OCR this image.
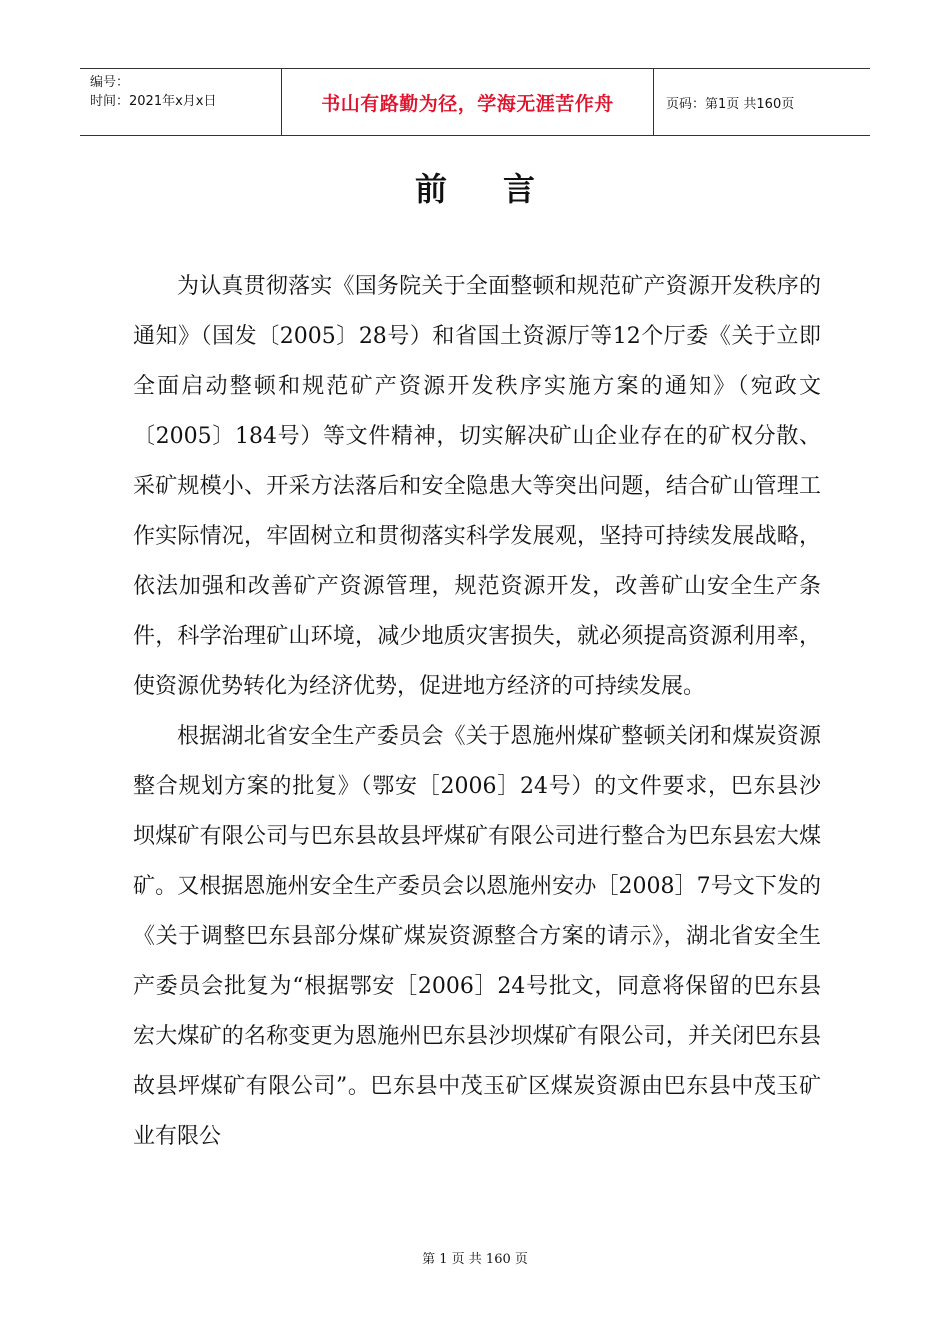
编号：
时间：2021年x月x日	书山有路勤为径，学海无涯苦作舟	页码：第1页 共160页
前言

为认真贯彻落实《国务院关于全面整顿和规范矿产资源开发秩序的通知》（国发〔2005〕28号）和省国土资源厅等12个厅委《关于立即全面启动整顿和规范矿产资源开发秩序实施方案的通知》（宛政文〔2005〕184号）等文件精神，切实解决矿山企业存在的矿权分散、采矿规模小、开采方法落后和安全隐患大等突出问题，结合矿山管理工作实际情况，牢固树立和贯彻落实科学发展观，坚持可持续发展战略，依法加强和改善矿产资源管理，规范资源开发，改善矿山安全生产条件，科学治理矿山环境，减少地质灾害损失，就必须提高资源利用率，使资源优势转化为经济优势，促进地方经济的可持续发展。

根据湖北省安全生产委员会《关于恩施州煤矿整顿关闭和煤炭资源整合规划方案的批复》（鄂安［2006］24号）的文件要求，巴东县沙坝煤矿有限公司与巴东县故县坪煤矿有限公司进行整合为巴东县宏大煤矿。又根据恩施州安全生产委员会以恩施州安办［2008］7号文下发的《关于调整巴东县部分煤矿煤炭资源整合方案的请示》，湖北省安全生产委员会批复为“根据鄂安［2006］24号批文，同意将保留的巴东县宏大煤矿的名称变更为恩施州巴东县沙坝煤矿有限公司，并关闭巴东县故县坪煤矿有限公司”。巴东县中茂玉矿区煤炭资源由巴东县中茂玉矿业有限公

第 1 页 共 160 页
